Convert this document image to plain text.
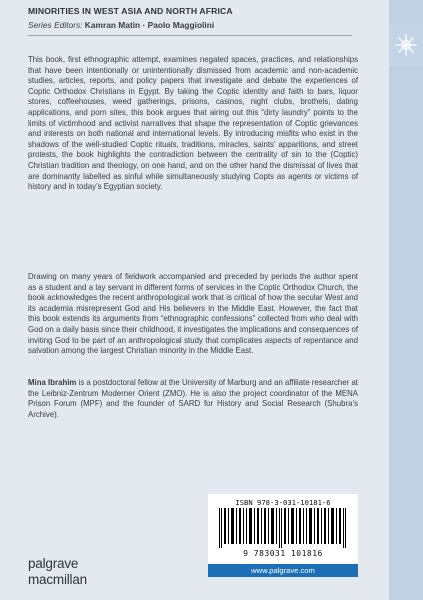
MINORITIES IN WEST ASIA AND NORTH AFRICA
Series Editors: Kamran Matin · Paolo Maggiolini

This book, first ethnographic attempt, examines negated spaces, practices, and relationships that have been intentionally or unintentionally dismissed from academic and non-academic studies, articles, reports, and policy papers that investigate and debate the experiences of Coptic Orthodox Christians in Egypt. By taking the Coptic identity and faith to bars, liquor stores, coffeehouses, weed gatherings, prisons, casinos, night clubs, brothels, dating applications, and porn sites, this book argues that airing out this “dirty laundry” points to the limits of victimhood and activist narratives that shape the representation of Coptic grievances and interests on both national and international levels. By introducing misfits who exist in the shadows of the well-studied Coptic rituals, traditions, miracles, saints’ apparitions, and street protests, the book highlights the contradiction between the centrality of sin to the (Coptic) Christian tradition and theology, on one hand, and on the other hand the dismissal of lives that are dominantly labelled as sinful while simultaneously studying Copts as agents or victims of history and in today’s Egyptian society.

Drawing on many years of fieldwork accompanied and preceded by periods the author spent as a student and a lay servant in different forms of services in the Coptic Orthodox Church, the book acknowledges the recent anthropological work that is critical of how the secular West and its academia misrepresent God and His believers in the Middle East. However, the fact that this book extends its arguments from “ethnographic confessions” collected from who deal with God on a daily basis since their childhood, it investigates the implications and consequences of inviting God to be part of an anthropological study that complicates aspects of repentance and salvation among the largest Christian minority in the Middle East.

Mina Ibrahim is a postdoctoral fellow at the University of Marburg and an affiliate researcher at the Leibniz-Zentrum Moderner Orient (ZMO). He is also the project coordinator of the MENA Prison Forum (MPF) and the founder of SARD for History and Social Research (Shubra’s Archive).

ISBN 978-3-031-10181-6
9 783031 101816
www.palgrave.com
palgrave
macmillan
